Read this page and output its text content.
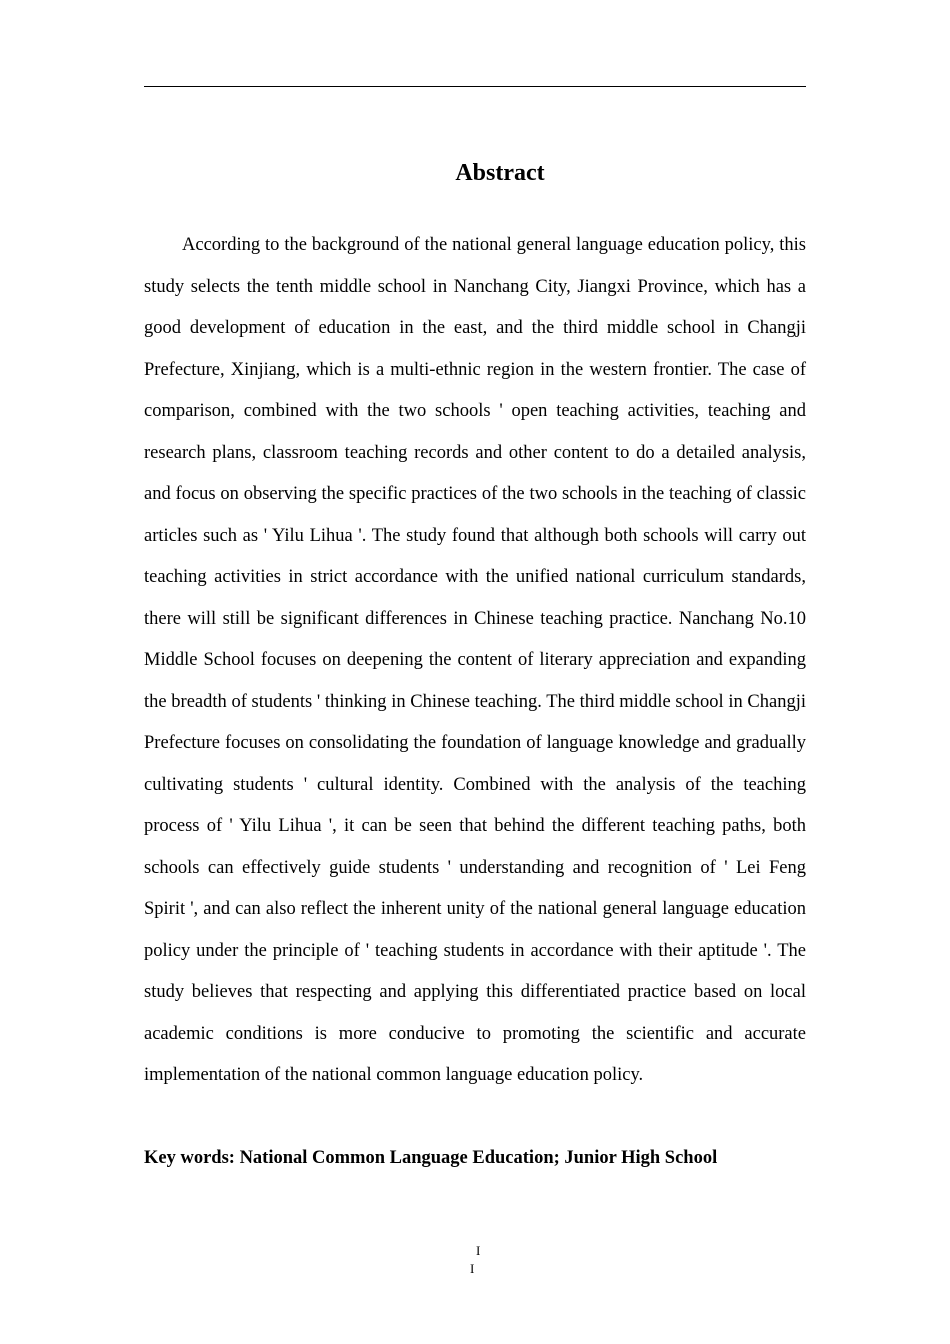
Abstract

According to the background of the national general language education policy, this study selects the tenth middle school in Nanchang City, Jiangxi Province, which has a good development of education in the east, and the third middle school in Changji Prefecture, Xinjiang, which is a multi-ethnic region in the western frontier. The case of comparison, combined with the two schools ' open teaching activities, teaching and research plans, classroom teaching records and other content to do a detailed analysis, and focus on observing the specific practices of the two schools in the teaching of classic articles such as ' Yilu Lihua '. The study found that although both schools will carry out teaching activities in strict accordance with the unified national curriculum standards, there will still be significant differences in Chinese teaching practice. Nanchang No.10 Middle School focuses on deepening the content of literary appreciation and expanding the breadth of students ' thinking in Chinese teaching. The third middle school in Changji Prefecture focuses on consolidating the foundation of language knowledge and gradually cultivating students ' cultural identity. Combined with the analysis of the teaching process of ' Yilu Lihua ', it can be seen that behind the different teaching paths, both schools can effectively guide students ' understanding and recognition of ' Lei Feng Spirit ', and can also reflect the inherent unity of the national general language education policy under the principle of ' teaching students in accordance with their aptitude '. The study believes that respecting and applying this differentiated practice based on local academic conditions is more conducive to promoting the scientific and accurate implementation of the national common language education policy.

Key words: National Common Language Education; Junior High School

I
I
